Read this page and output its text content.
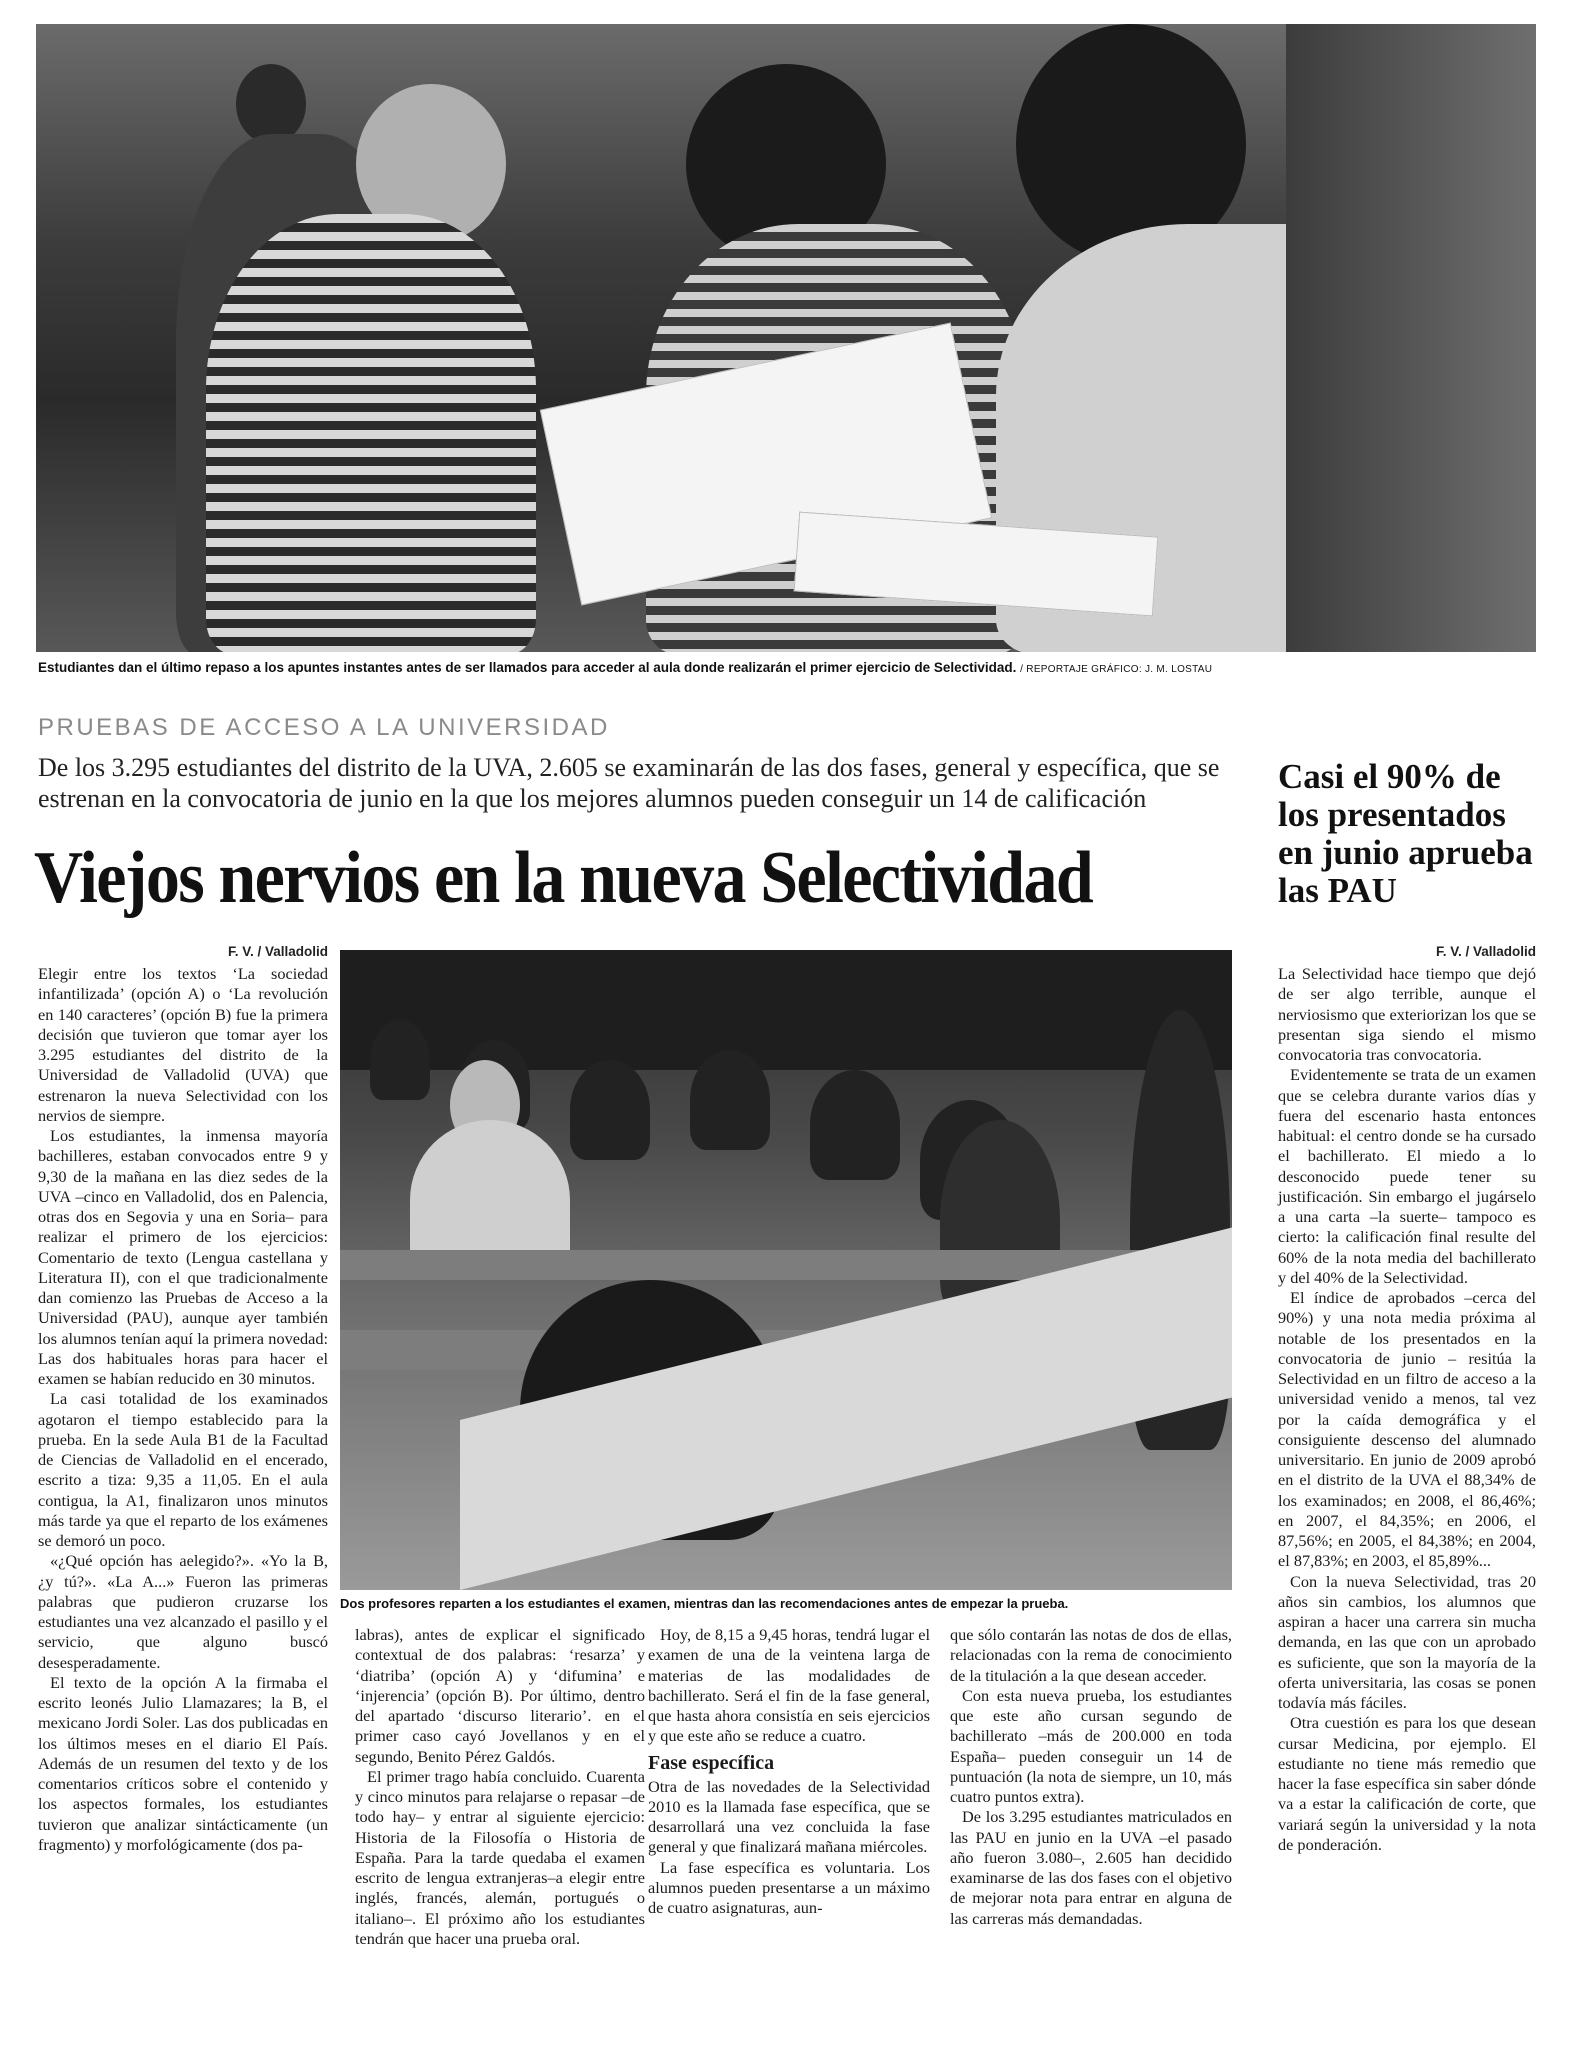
Estudiantes dan el último repaso a los apuntes instantes antes de ser llamados para acceder al aula donde realizarán el primer ejercicio de Selectividad. / REPORTAJE GRÁFICO: J. M. LOSTAU
PRUEBAS DE ACCESO A LA UNIVERSIDAD
De los 3.295 estudiantes del distrito de la UVA, 2.605 se examinarán de las dos fases, general y específica, que se estrenan en la convocatoria de junio en la que los mejores alumnos pueden conseguir un 14 de calificación
Viejos nervios en la nueva Selectividad
Casi el 90% de los presentados en junio aprueba las PAU
F. V. / Valladolid

Elegir entre los textos ‘La sociedad infantilizada’ (opción A) o ‘La revolución en 140 caracteres’ (opción B) fue la primera decisión que tuvieron que tomar ayer los 3.295 estudiantes del distrito de la Universidad de Valladolid (UVA) que estrenaron la nueva Selectividad con los nervios de siempre.

Los estudiantes, la inmensa mayoría bachilleres, estaban convocados entre 9 y 9,30 de la mañana en las diez sedes de la UVA –cinco en Valladolid, dos en Palencia, otras dos en Segovia y una en Soria– para realizar el primero de los ejercicios: Comentario de texto (Lengua castellana y Literatura II), con el que tradicionalmente dan comienzo las Pruebas de Acceso a la Universidad (PAU), aunque ayer también los alumnos tenían aquí la primera novedad: Las dos habituales horas para hacer el examen se habían reducido en 30 minutos.

La casi totalidad de los examinados agotaron el tiempo establecido para la prueba. En la sede Aula B1 de la Facultad de Ciencias de Valladolid en el encerado, escrito a tiza: 9,35 a 11,05. En el aula contigua, la A1, finalizaron unos minutos más tarde ya que el reparto de los exámenes se demoró un poco.

«¿Qué opción has aelegido?». «Yo la B, ¿y tú?». «La A...» Fueron las primeras palabras que pudieron cruzarse los estudiantes una vez alcanzado el pasillo y el servicio, que alguno buscó desesperadamente.

El texto de la opción A la firmaba el escrito leonés Julio Llamazares; la B, el mexicano Jordi Soler. Las dos publicadas en los últimos meses en el diario El País. Además de un resumen del texto y de los comentarios críticos sobre el contenido y los aspectos formales, los estudiantes tuvieron que analizar sintácticamente (un fragmento) y morfológicamente (dos pa-

Dos profesores reparten a los estudiantes el examen, mientras dan las recomendaciones antes de empezar la prueba.

labras), antes de explicar el significado contextual de dos palabras: ‘resarza’ y ‘diatriba’ (opción A) y ‘difumina’ e ‘injerencia’ (opción B). Por último, dentro del apartado ‘discurso literario’. en el primer caso cayó Jovellanos y en el segundo, Benito Pérez Galdós.

El primer trago había concluido. Cuarenta y cinco minutos para relajarse o repasar –de todo hay– y entrar al siguiente ejercicio: Historia de la Filosofía o Historia de España. Para la tarde quedaba el examen escrito de lengua extranjeras–a elegir entre inglés, francés, alemán, portugués o italiano–. El próximo año los estudiantes tendrán que hacer una prueba oral.

Hoy, de 8,15 a 9,45 horas, tendrá lugar el examen de una de la veintena larga de materias de las modalidades de bachillerato. Será el fin de la fase general, que hasta ahora consistía en seis ejercicios y que este año se reduce a cuatro.

Fase específica

Otra de las novedades de la Selectividad 2010 es la llamada fase específica, que se desarrollará una vez concluida la fase general y que finalizará mañana miércoles.

La fase específica es voluntaria. Los alumnos pueden presentarse a un máximo de cuatro asignaturas, aun-

que sólo contarán las notas de dos de ellas, relacionadas con la rema de conocimiento de la titulación a la que desean acceder.

Con esta nueva prueba, los estudiantes que este año cursan segundo de bachillerato –más de 200.000 en toda España– pueden conseguir un 14 de puntuación (la nota de siempre, un 10, más cuatro puntos extra).

De los 3.295 estudiantes matriculados en las PAU en junio en la UVA –el pasado año fueron 3.080–, 2.605 han decidido examinarse de las dos fases con el objetivo de mejorar nota para entrar en alguna de las carreras más demandadas.

F. V. / Valladolid

La Selectividad hace tiempo que dejó de ser algo terrible, aunque el nerviosismo que exteriorizan los que se presentan siga siendo el mismo convocatoria tras convocatoria.

Evidentemente se trata de un examen que se celebra durante varios días y fuera del escenario hasta entonces habitual: el centro donde se ha cursado el bachillerato. El miedo a lo desconocido puede tener su justificación. Sin embargo el jugárselo a una carta –la suerte– tampoco es cierto: la calificación final resulte del 60% de la nota media del bachillerato y del 40% de la Selectividad.

El índice de aprobados –cerca del 90%) y una nota media próxima al notable de los presentados en la convocatoria de junio – resitúa la Selectividad en un filtro de acceso a la universidad venido a menos, tal vez por la caída demográfica y el consiguiente descenso del alumnado universitario. En junio de 2009 aprobó en el distrito de la UVA el 88,34% de los examinados; en 2008, el 86,46%; en 2007, el 84,35%; en 2006, el 87,56%; en 2005, el 84,38%; en 2004, el 87,83%; en 2003, el 85,89%...

Con la nueva Selectividad, tras 20 años sin cambios, los alumnos que aspiran a hacer una carrera sin mucha demanda, en las que con un aprobado es suficiente, que son la mayoría de la oferta universitaria, las cosas se ponen todavía más fáciles.

Otra cuestión es para los que desean cursar Medicina, por ejemplo. El estudiante no tiene más remedio que hacer la fase específica sin saber dónde va a estar la calificación de corte, que variará según la universidad y la nota de ponderación.
